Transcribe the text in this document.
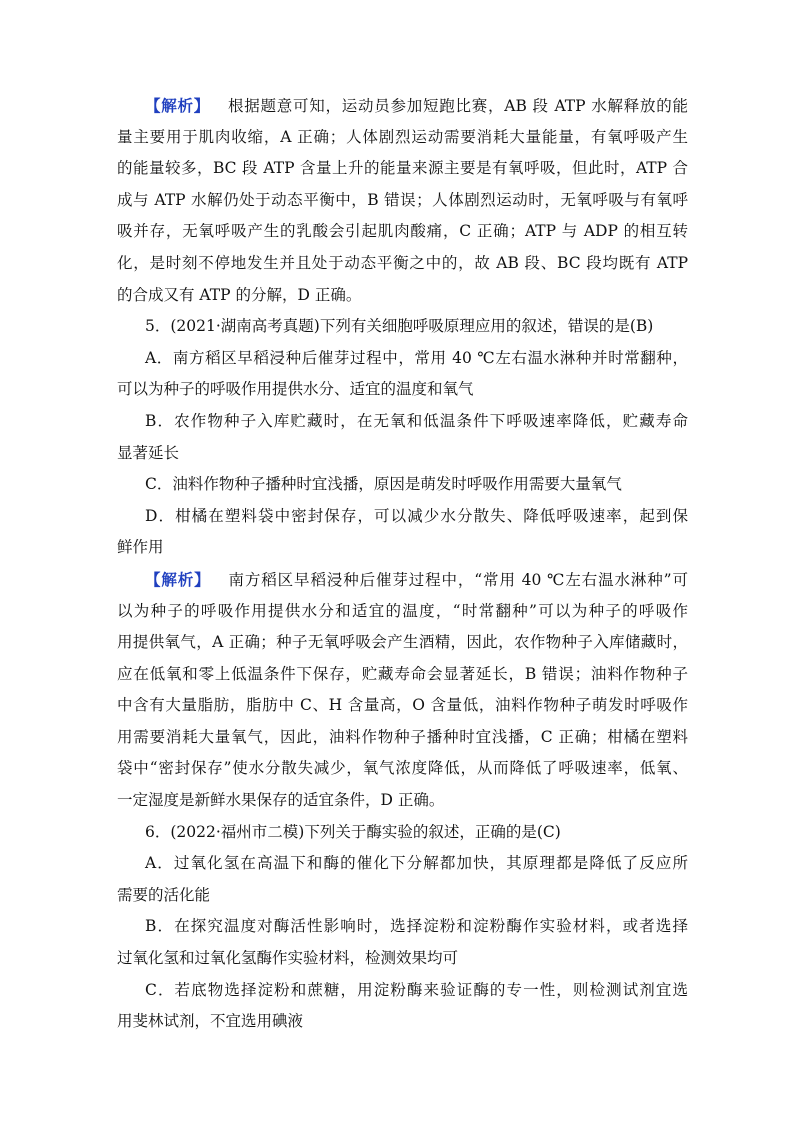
【解析】 根据题意可知，运动员参加短跑比赛，AB 段 ATP 水解释放的能
量主要用于肌肉收缩，A 正确；人体剧烈运动需要消耗大量能量，有氧呼吸产生
的能量较多，BC 段 ATP 含量上升的能量来源主要是有氧呼吸，但此时，ATP 合
成与 ATP 水解仍处于动态平衡中，B 错误；人体剧烈运动时，无氧呼吸与有氧呼
吸并存，无氧呼吸产生的乳酸会引起肌肉酸痛，C 正确；ATP 与 ADP 的相互转
化，是时刻不停地发生并且处于动态平衡之中的，故 AB 段、BC 段均既有 ATP
的合成又有 ATP 的分解，D 正确。
5．(2021·湖南高考真题)下列有关细胞呼吸原理应用的叙述，错误的是(B)
A．南方稻区早稻浸种后催芽过程中，常用 40 ℃左右温水淋种并时常翻种，
可以为种子的呼吸作用提供水分、适宜的温度和氧气
B．农作物种子入库贮藏时，在无氧和低温条件下呼吸速率降低，贮藏寿命
显著延长
C．油料作物种子播种时宜浅播，原因是萌发时呼吸作用需要大量氧气
D．柑橘在塑料袋中密封保存，可以减少水分散失、降低呼吸速率，起到保
鲜作用
【解析】 南方稻区早稻浸种后催芽过程中，“常用 40 ℃左右温水淋种”可
以为种子的呼吸作用提供水分和适宜的温度，“时常翻种”可以为种子的呼吸作
用提供氧气，A 正确；种子无氧呼吸会产生酒精，因此，农作物种子入库储藏时，
应在低氧和零上低温条件下保存，贮藏寿命会显著延长，B 错误；油料作物种子
中含有大量脂肪，脂肪中 C、H 含量高，O 含量低，油料作物种子萌发时呼吸作
用需要消耗大量氧气，因此，油料作物种子播种时宜浅播，C 正确；柑橘在塑料
袋中“密封保存”使水分散失减少，氧气浓度降低，从而降低了呼吸速率，低氧、
一定湿度是新鲜水果保存的适宜条件，D 正确。
6．(2022·福州市二模)下列关于酶实验的叙述，正确的是(C)
A．过氧化氢在高温下和酶的催化下分解都加快，其原理都是降低了反应所
需要的活化能
B．在探究温度对酶活性影响时，选择淀粉和淀粉酶作实验材料，或者选择
过氧化氢和过氧化氢酶作实验材料，检测效果均可
C．若底物选择淀粉和蔗糖，用淀粉酶来验证酶的专一性，则检测试剂宜选
用斐林试剂，不宜选用碘液
